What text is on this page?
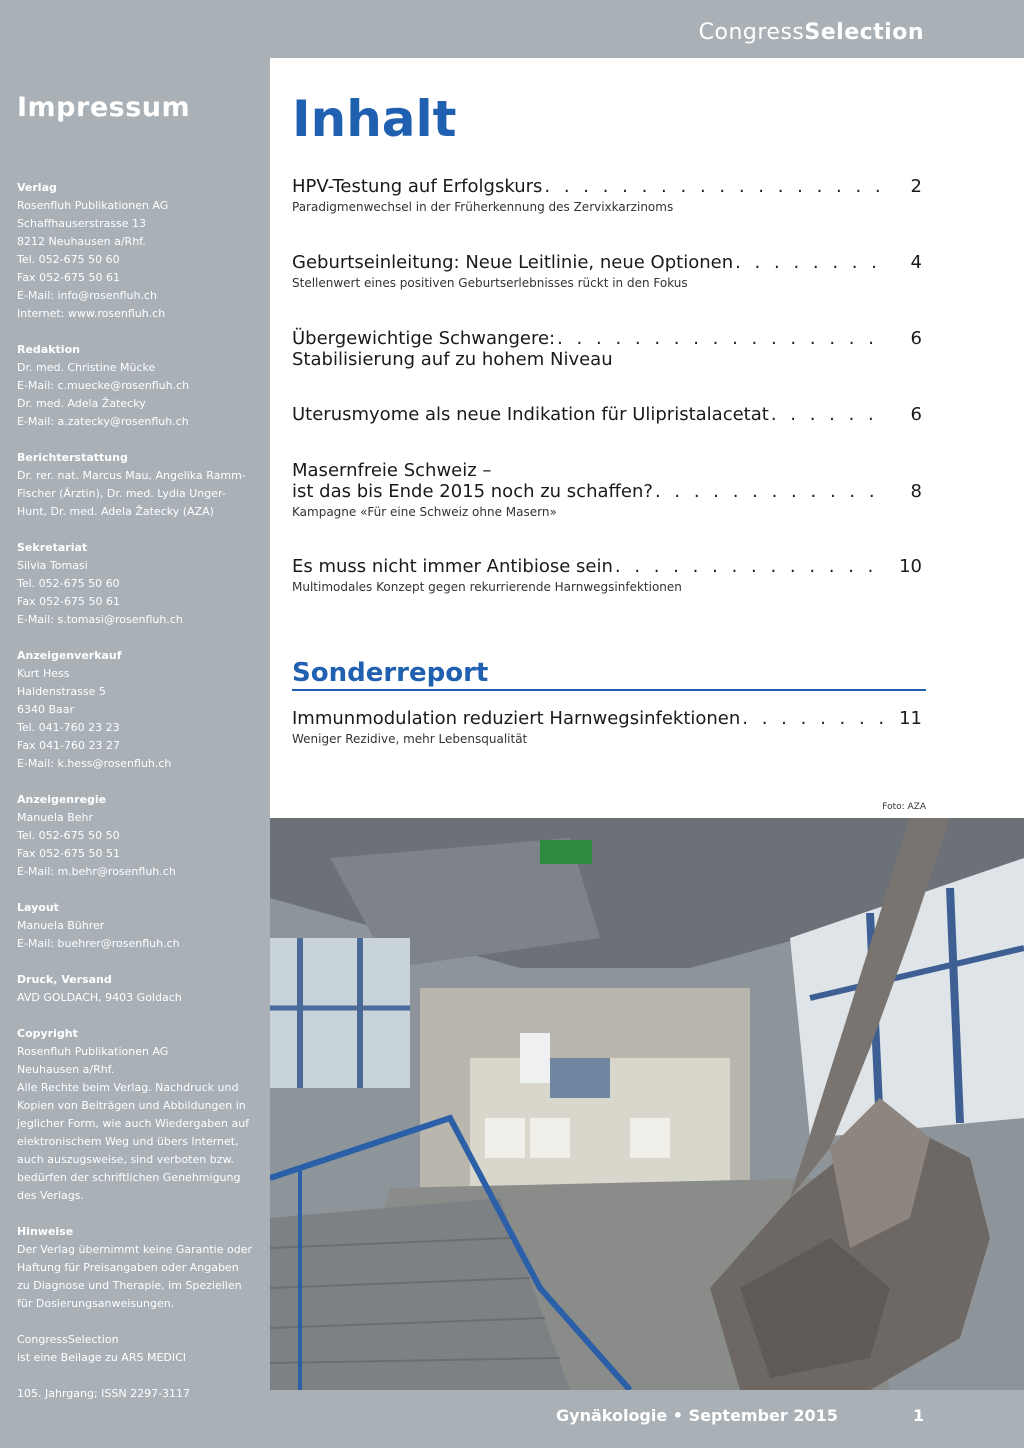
CongressSelection
Impressum
Verlag
Rosenfluh Publikationen AG
Schaffhauserstrasse 13
8212 Neuhausen a/Rhf.
Tel. 052-675 50 60
Fax 052-675 50 61
E-Mail: info@rosenfluh.ch
Internet: www.rosenfluh.ch
Redaktion
Dr. med. Christine Mücke
E-Mail: c.muecke@rosenfluh.ch
Dr. med. Adela Žatecky
E-Mail: a.zatecky@rosenfluh.ch
Berichterstattung
Dr. rer. nat. Marcus Mau, Angelika Ramm-
Fischer (Ärztin), Dr. med. Lydia Unger-
Hunt, Dr. med. Adela Žatecky (AZA)
Sekretariat
Silvia Tomasi
Tel. 052-675 50 60
Fax 052-675 50 61
E-Mail: s.tomasi@rosenfluh.ch
Anzeigenverkauf
Kurt Hess
Haldenstrasse 5
6340 Baar
Tel. 041-760 23 23
Fax 041-760 23 27
E-Mail: k.hess@rosenfluh.ch
Anzeigenregie
Manuela Behr
Tel. 052-675 50 50
Fax 052-675 50 51
E-Mail: m.behr@rosenfluh.ch
Layout
Manuela Bührer
E-Mail: buehrer@rosenfluh.ch
Druck, Versand
AVD GOLDACH, 9403 Goldach
Copyright
Rosenfluh Publikationen AG
Neuhausen a/Rhf.
Alle Rechte beim Verlag. Nachdruck und
Kopien von Beiträgen und Abbildungen in
jeglicher Form, wie auch Wiedergaben auf
elektronischem Weg und übers Internet,
auch auszugsweise, sind verboten bzw.
bedürfen der schriftlichen Genehmigung
des Verlags.
Hinweise
Der Verlag übernimmt keine Garantie oder
Haftung für Preisangaben oder Angaben
zu Diagnose und Therapie, im Speziellen
für Dosierungsanweisungen.
CongressSelection
ist eine Beilage zu ARS MEDICI
105. Jahrgang; ISSN 2297-3117
Inhalt
HPV-Testung auf Erfolgskurs . . .	2
Paradigmenwechsel in der Früherkennung des Zervixkarzinoms
Geburtseinleitung: Neue Leitlinie, neue Optionen . . .	4
Stellenwert eines positiven Geburtserlebnisses rückt in den Fokus
Übergewichtige Schwangere: . . .	6
Stabilisierung auf zu hohem Niveau
Uterusmyome als neue Indikation für Ulipristalacetat . . .	6
Masernfreie Schweiz –
ist das bis Ende 2015 noch zu schaffen? . . .	8
Kampagne «Für eine Schweiz ohne Masern»
Es muss nicht immer Antibiose sein . . .	10
Multimodales Konzept gegen rekurrierende Harnwegsinfektionen
Sonderreport
Immunmodulation reduziert Harnwegsinfektionen . . .	11
Weniger Rezidive, mehr Lebensqualität
Foto: AZA
Gynäkologie • September 2015	1
